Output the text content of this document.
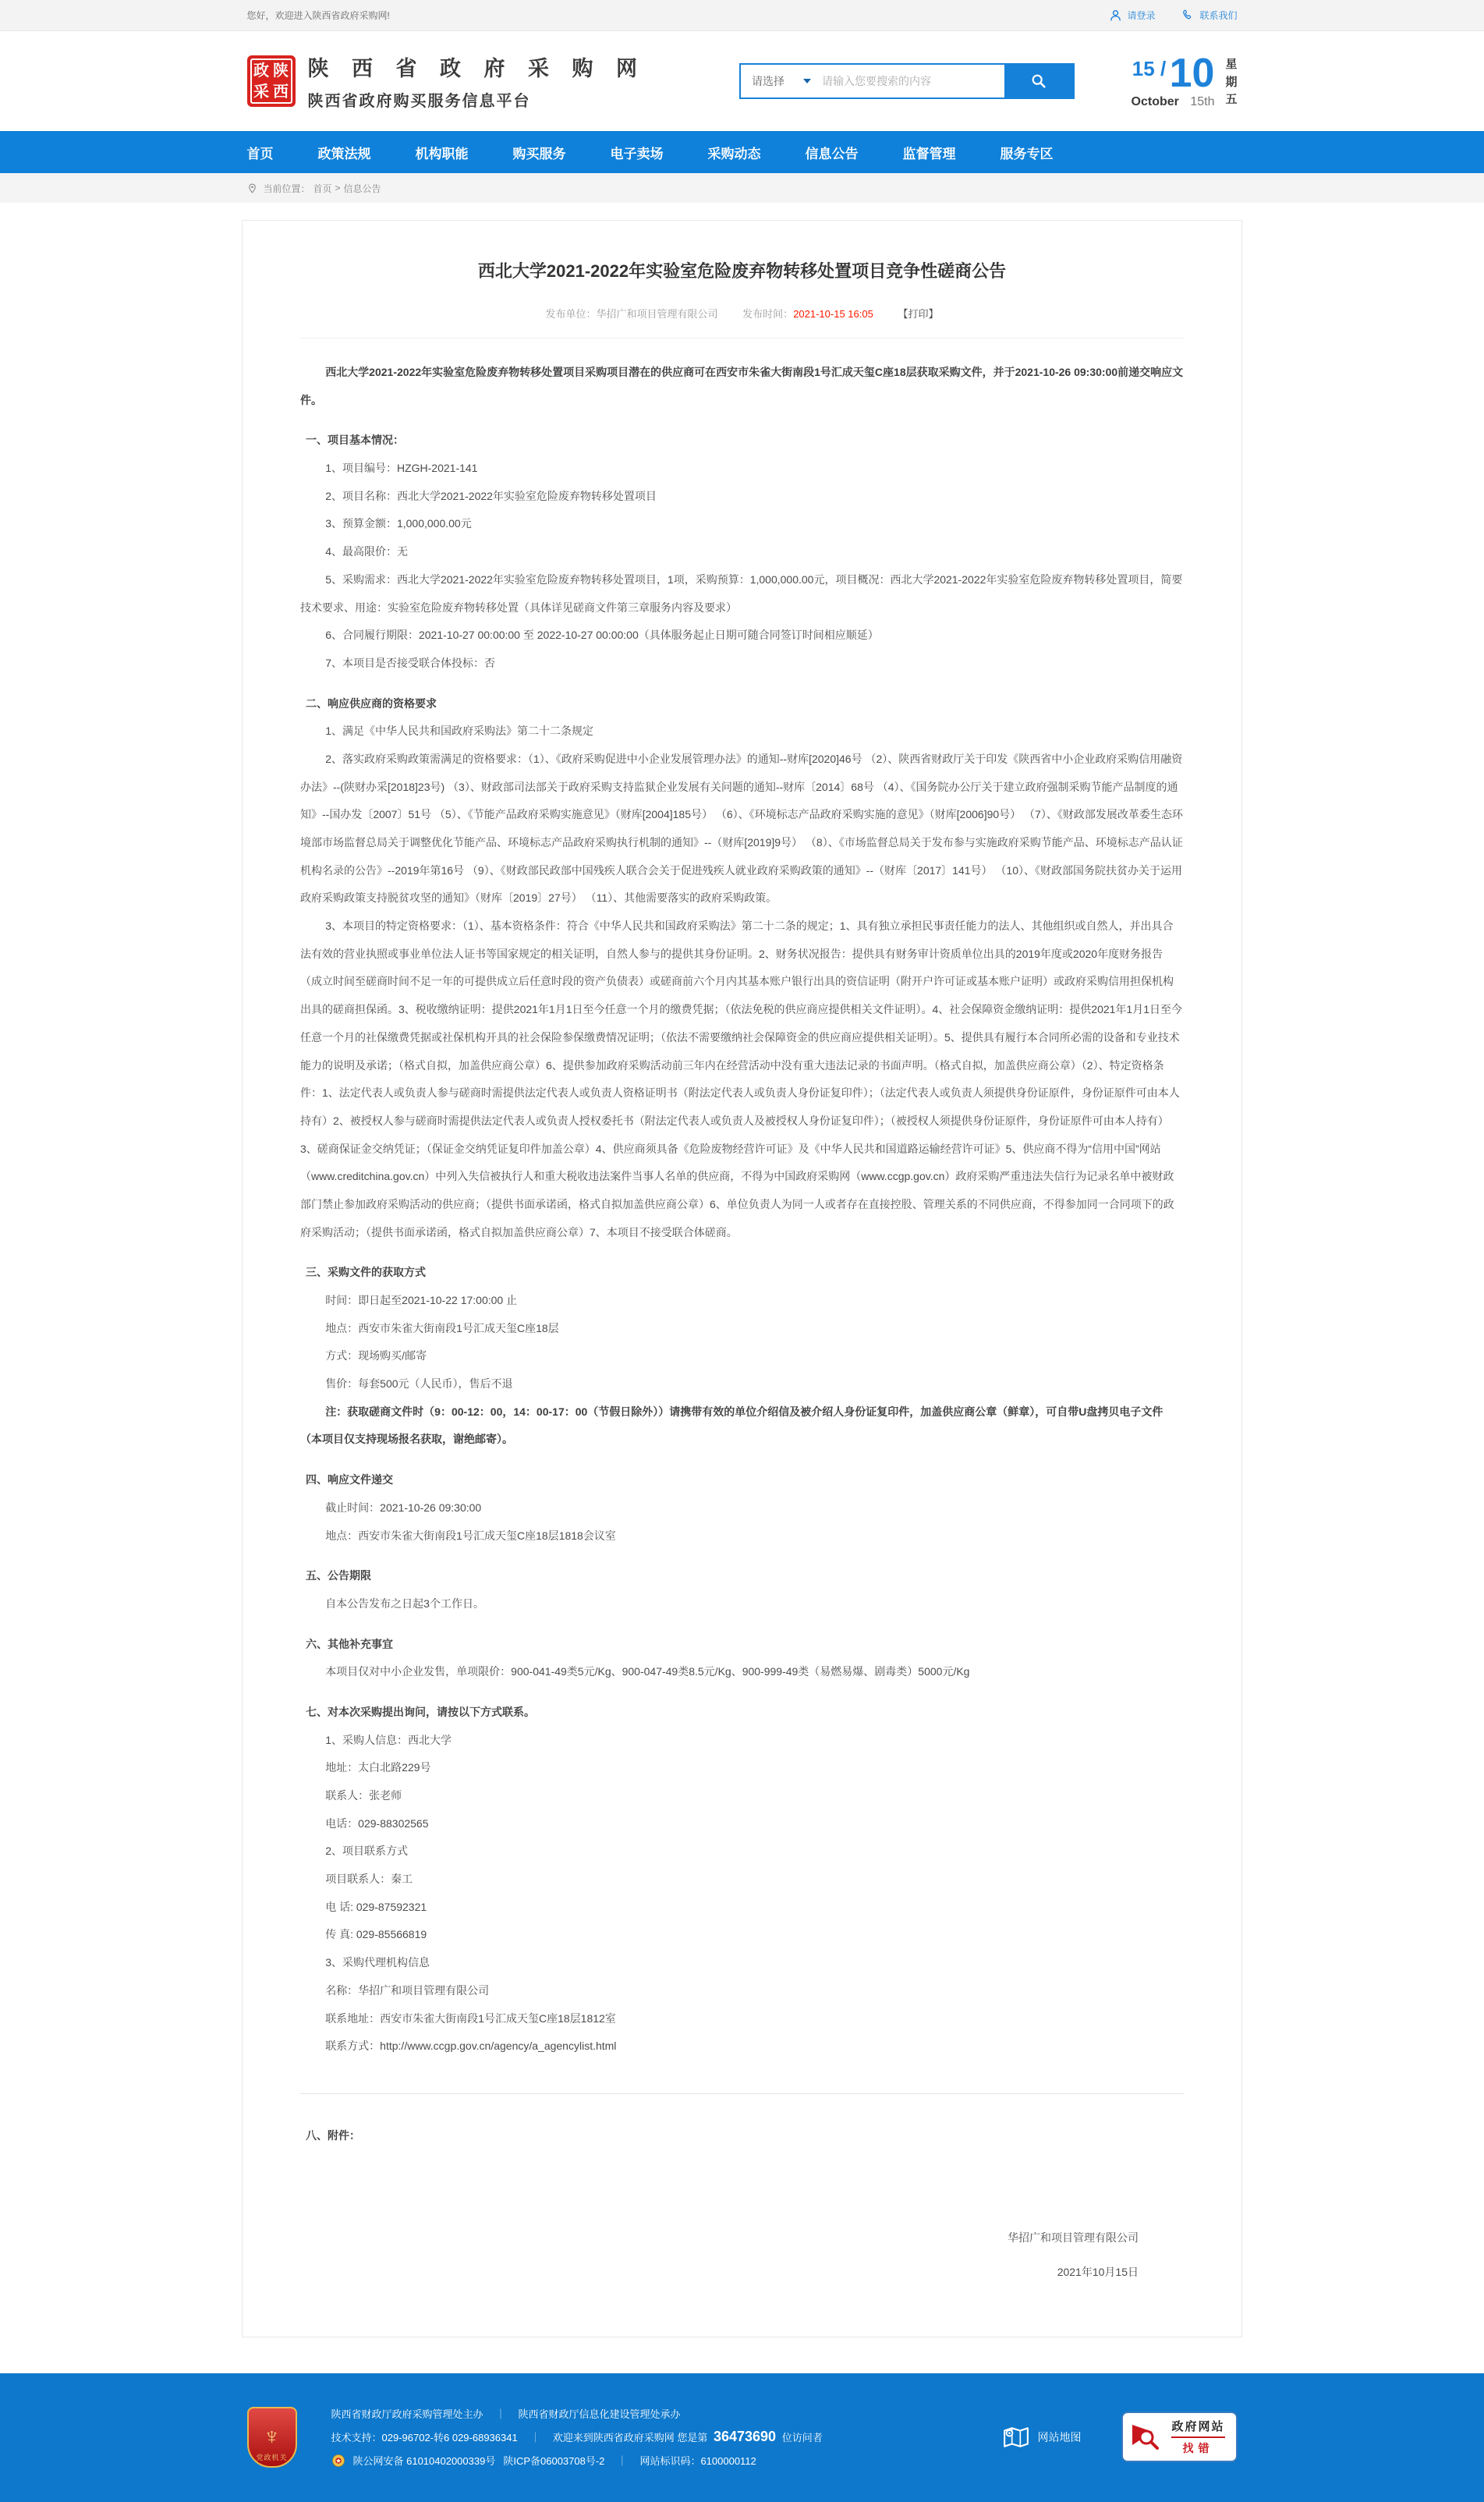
您好，欢迎进入陕西省政府采购网!	请登录	联系我们
政 陕
采 西
陕 西 省 政 府 采 购 网
陕西省政府购买服务信息平台
请选择
请输入您要搜索的内容
15 / 10
October 15th
星
期
五
首页	政策法规	机构职能	购买服务	电子卖场	采购动态	信息公告	监督管理	服务专区
当前位置： 首页 > 信息公告
西北大学2021-2022年实验室危险废弃物转移处置项目竞争性磋商公告
发布单位：华招广和项目管理有限公司 发布时间：2021-10-15 16:05 【打印】

西北大学2021-2022年实验室危险废弃物转移处置项目采购项目潜在的供应商可在西安市朱雀大街南段1号汇成天玺C座18层获取采购文件，并于2021-10-26 09:30:00前递交响应文件。

一、项目基本情况：

1、项目编号：HZGH-2021-141

2、项目名称：西北大学2021-2022年实验室危险废弃物转移处置项目

3、预算金额：1,000,000.00元

4、最高限价：无

5、采购需求：西北大学2021-2022年实验室危险废弃物转移处置项目，1项，采购预算：1,000,000.00元，项目概况：西北大学2021-2022年实验室危险废弃物转移处置项目，简要技术要求、用途：实验室危险废弃物转移处置（具体详见磋商文件第三章服务内容及要求）

6、合同履行期限：2021-10-27 00:00:00 至 2022-10-27 00:00:00（具体服务起止日期可随合同签订时间相应顺延）

7、本项目是否接受联合体投标：否

二、响应供应商的资格要求

1、满足《中华人民共和国政府采购法》第二十二条规定

2、落实政府采购政策需满足的资格要求：（1）、《政府采购促进中小企业发展管理办法》的通知--财库[2020]46号 （2）、陕西省财政厅关于印发《陕西省中小企业政府采购信用融资办法》--(陕财办采[2018]23号) （3）、财政部司法部关于政府采购支持监狱企业发展有关问题的通知--财库〔2014〕68号 （4）、《国务院办公厅关于建立政府强制采购节能产品制度的通知》--国办发〔2007〕51号 （5）、《节能产品政府采购实施意见》（财库[2004]185号） （6）、《环境标志产品政府采购实施的意见》（财库[2006]90号） （7）、《财政部发展改革委生态环境部市场监督总局关于调整优化节能产品、环境标志产品政府采购执行机制的通知》--（财库[2019]9号） （8）、《市场监督总局关于发布参与实施政府采购节能产品、环境标志产品认证机构名录的公告》--2019年第16号 （9）、《财政部民政部中国残疾人联合会关于促进残疾人就业政府采购政策的通知》--（财库〔2017〕141号） （10）、《财政部国务院扶贫办关于运用政府采购政策支持脱贫攻坚的通知》（财库〔2019〕27号） （11）、其他需要落实的政府采购政策。

3、本项目的特定资格要求：（1）、基本资格条件：符合《中华人民共和国政府采购法》第二十二条的规定；1、具有独立承担民事责任能力的法人、其他组织或自然人，并出具合法有效的营业执照或事业单位法人证书等国家规定的相关证明，自然人参与的提供其身份证明。2、财务状况报告：提供具有财务审计资质单位出具的2019年度或2020年度财务报告（成立时间至磋商时间不足一年的可提供成立后任意时段的资产负债表）或磋商前六个月内其基本账户银行出具的资信证明（附开户许可证或基本账户证明）或政府采购信用担保机构出具的磋商担保函。3、税收缴纳证明：提供2021年1月1日至今任意一个月的缴费凭据；（依法免税的供应商应提供相关文件证明）。4、社会保障资金缴纳证明：提供2021年1月1日至今任意一个月的社保缴费凭据或社保机构开具的社会保险参保缴费情况证明；（依法不需要缴纳社会保障资金的供应商应提供相关证明）。5、提供具有履行本合同所必需的设备和专业技术能力的说明及承诺；（格式自拟，加盖供应商公章）6、提供参加政府采购活动前三年内在经营活动中没有重大违法记录的书面声明。（格式自拟，加盖供应商公章）（2）、特定资格条件：1、法定代表人或负责人参与磋商时需提供法定代表人或负责人资格证明书（附法定代表人或负责人身份证复印件）；（法定代表人或负责人须提供身份证原件，身份证原件可由本人持有）2、被授权人参与磋商时需提供法定代表人或负责人授权委托书（附法定代表人或负责人及被授权人身份证复印件）；（被授权人须提供身份证原件，身份证原件可由本人持有）3、磋商保证金交纳凭证；（保证金交纳凭证复印件加盖公章）4、供应商须具备《危险废物经营许可证》及《中华人民共和国道路运输经营许可证》5、供应商不得为“信用中国”网站（www.creditchina.gov.cn）中列入失信被执行人和重大税收违法案件当事人名单的供应商，不得为中国政府采购网（www.ccgp.gov.cn）政府采购严重违法失信行为记录名单中被财政部门禁止参加政府采购活动的供应商；（提供书面承诺函，格式自拟加盖供应商公章）6、单位负责人为同一人或者存在直接控股、管理关系的不同供应商，不得参加同一合同项下的政府采购活动；（提供书面承诺函，格式自拟加盖供应商公章）7、本项目不接受联合体磋商。

三、采购文件的获取方式

时间：即日起至2021-10-22 17:00:00 止

地点：西安市朱雀大街南段1号汇成天玺C座18层

方式：现场购买/邮寄

售价：每套500元（人民币），售后不退

注：获取磋商文件时（9：00-12：00，14：00-17：00（节假日除外））请携带有效的单位介绍信及被介绍人身份证复印件，加盖供应商公章（鲜章），可自带U盘拷贝电子文件（本项目仅支持现场报名获取，谢绝邮寄）。

四、响应文件递交

截止时间：2021-10-26 09:30:00

地点：西安市朱雀大街南段1号汇成天玺C座18层1818会议室

五、公告期限

自本公告发布之日起3个工作日。

六、其他补充事宜

本项目仅对中小企业发售，单项限价：900-041-49类5元/Kg、900-047-49类8.5元/Kg、900-999-49类（易燃易爆、剧毒类）5000元/Kg

七、对本次采购提出询问，请按以下方式联系。

1、采购人信息：西北大学

地址：太白北路229号

联系人：张老师

电话：029-88302565

2、项目联系方式

项目联系人：秦工

电 话: 029-87592321

传 真: 029-85566819

3、采购代理机构信息

名称：华招广和项目管理有限公司

联系地址：西安市朱雀大街南段1号汇成天玺C座18层1812室

联系方式：http://www.ccgp.gov.cn/agency/a_agencylist.html

八、附件：

华招广和项目管理有限公司
2021年10月15日
♆
党政机关
陕西省财政厅政府采购管理处主办 ｜ 陕西省财政厅信息化建设管理处承办
技术支持：029-96702-转6 029-68936341 ｜ 欢迎来到陕西省政府采购网 您是第 36473690 位访问者
陕公网安备 61010402000339号 陕ICP备06003708号-2 ｜ 网站标识码：6100000112
网站地图
政府网站
找错
